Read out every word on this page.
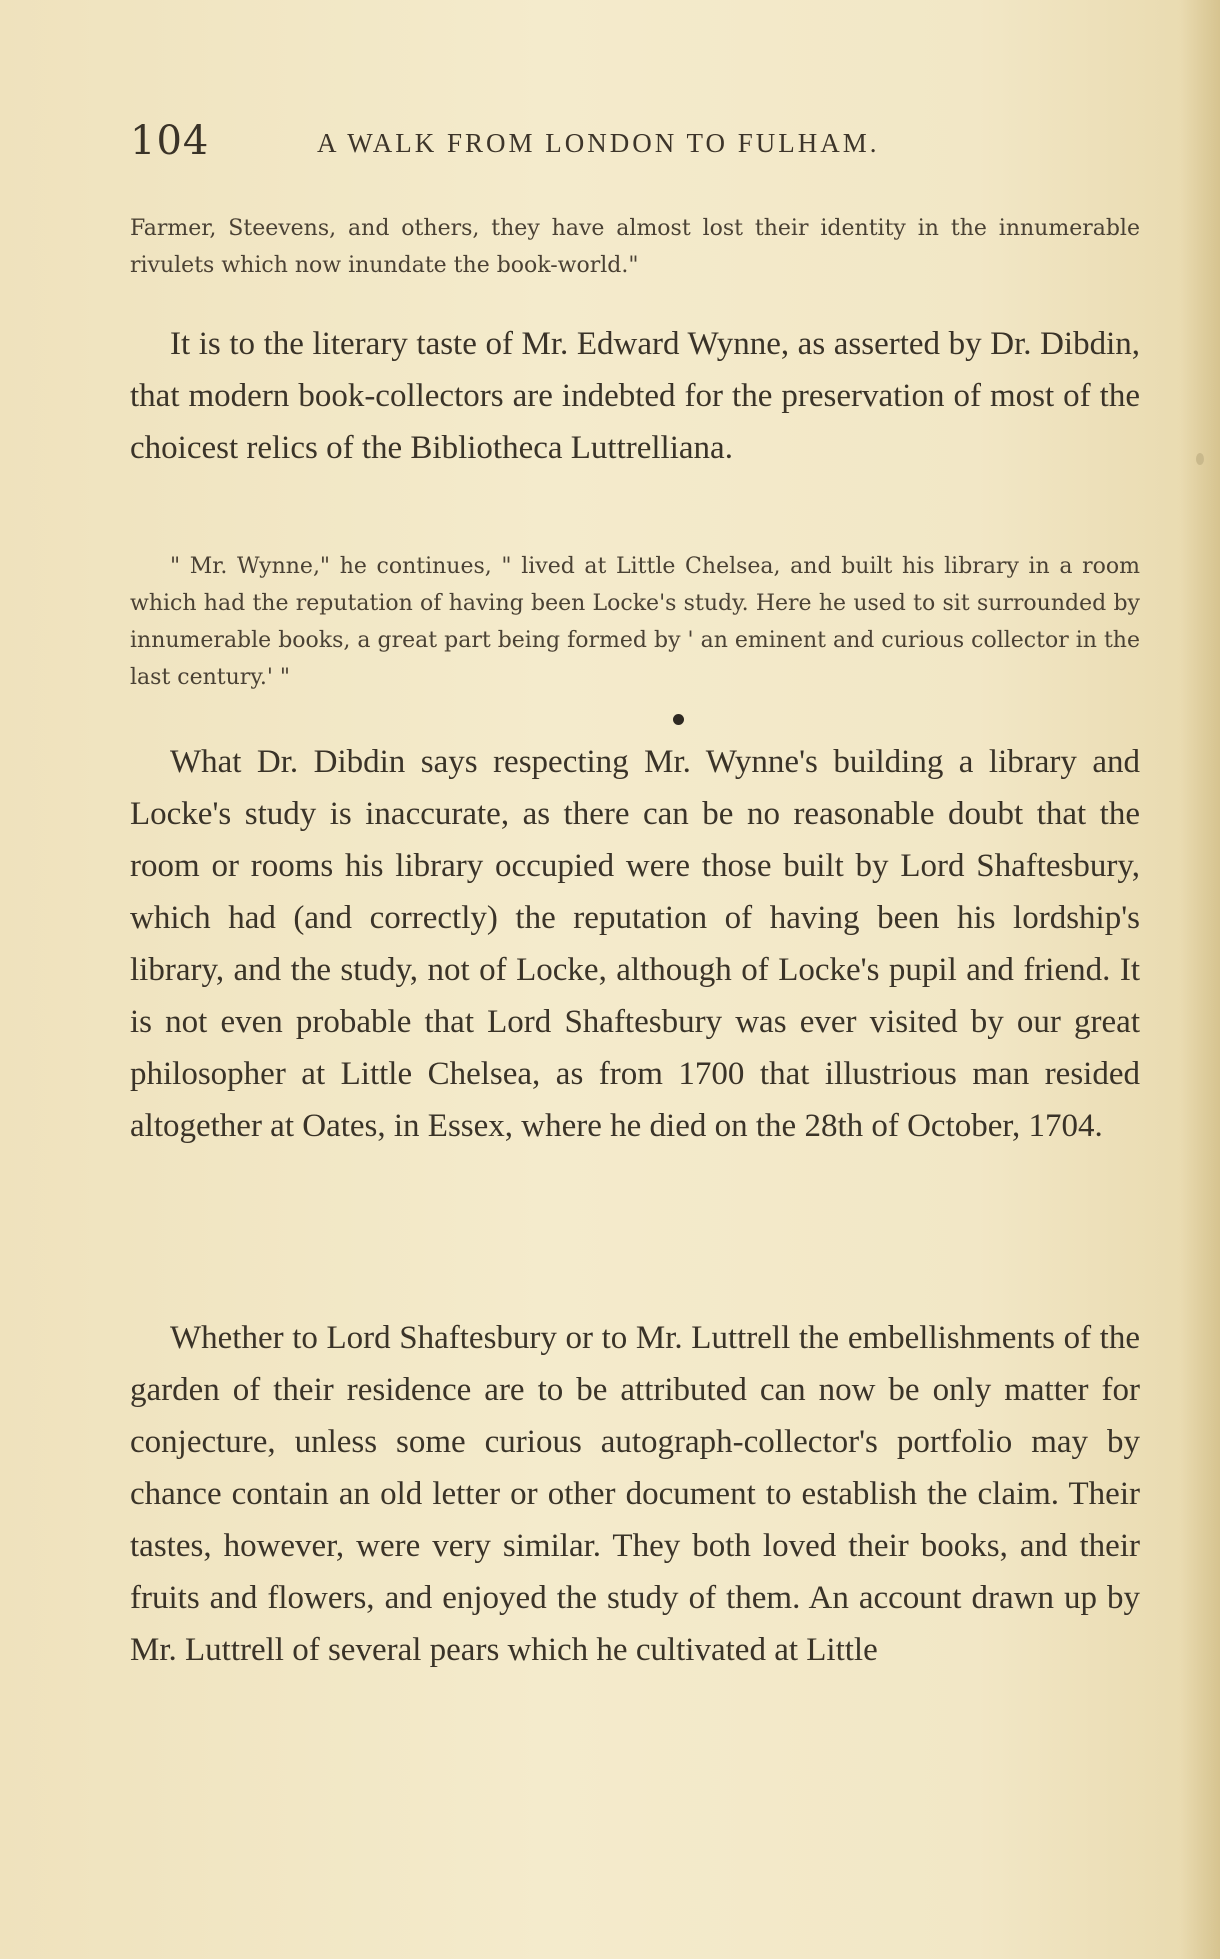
104	A WALK FROM LONDON TO FULHAM.

Farmer, Steevens, and others, they have almost lost their identity in the innumerable rivulets which now inundate the book-world."

It is to the literary taste of Mr. Edward Wynne, as asserted by Dr. Dibdin, that modern book-collectors are indebted for the preservation of most of the choicest relics of the Bibliotheca Luttrelliana.

" Mr. Wynne," he continues, " lived at Little Chelsea, and built his library in a room which had the reputation of having been Locke's study. Here he used to sit surrounded by innumerable books, a great part being formed by ' an eminent and curious collector in the last century.' "

What Dr. Dibdin says respecting Mr. Wynne's building a library and Locke's study is inaccurate, as there can be no reasonable doubt that the room or rooms his library occupied were those built by Lord Shaftesbury, which had (and correctly) the reputation of having been his lordship's library, and the study, not of Locke, although of Locke's pupil and friend. It is not even probable that Lord Shaftesbury was ever visited by our great philosopher at Little Chelsea, as from 1700 that illustrious man resided altogether at Oates, in Essex, where he died on the 28th of October, 1704.

Whether to Lord Shaftesbury or to Mr. Luttrell the embellishments of the garden of their residence are to be attributed can now be only matter for conjecture, unless some curious autograph-collector's portfolio may by chance contain an old letter or other document to establish the claim. Their tastes, however, were very similar. They both loved their books, and their fruits and flowers, and enjoyed the study of them. An account drawn up by Mr. Luttrell of several pears which he cultivated at Little
